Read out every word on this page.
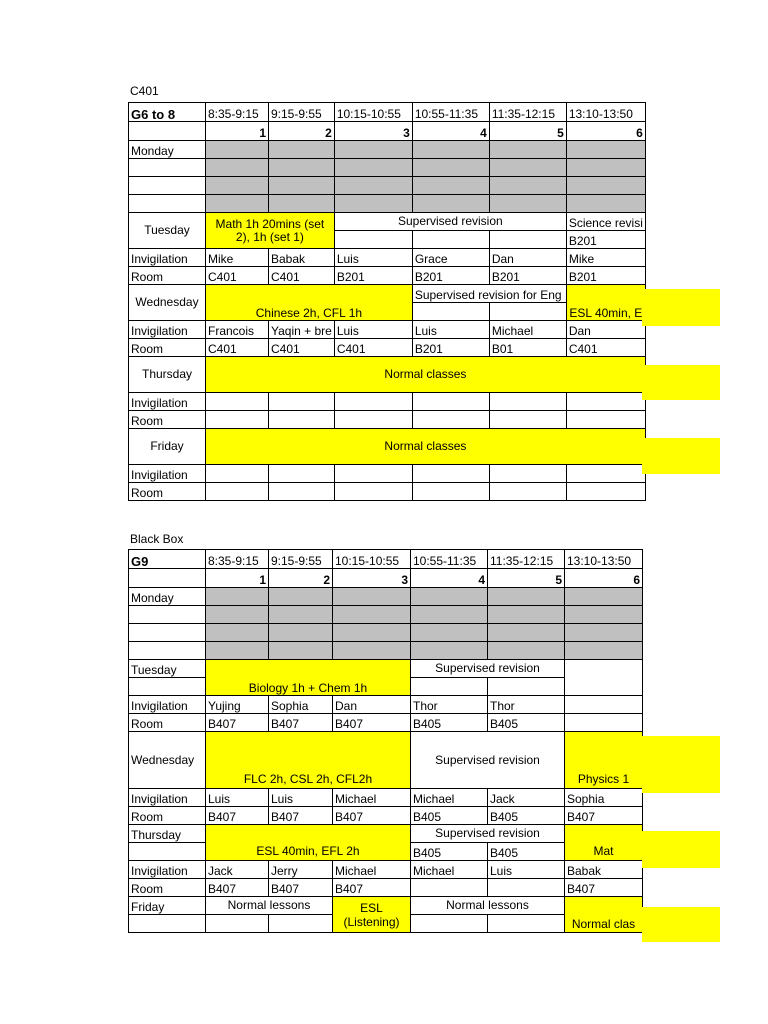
C401
G6 to 8	8:35-9:15	9:15-9:55	10:15-10:55	10:55-11:35	11:35-12:15	13:10-13:50
	1	2	3	4	5	6
Monday						

Tuesday	Math 1h 20mins (set 2), 1h (set 1)		Supervised revision			Science revisi
						B201
Invigilation	Mike	Babak	Luis	Grace	Dan	Mike
Room	C401	C401	B201	B201	B201	B201
Wednesday	Chinese 2h, CFL 1h			Supervised revision for Eng		ESL 40min, E

Invigilation	Francois	Yaqin + bre	Luis	Luis	Michael	Dan
Room	C401	C401	C401	B201	B01	C401
Thursday	Normal classes					
Invigilation						
Room						
Friday	Normal classes					
Invigilation						
Room						
Black Box
G9	8:35-9:15	9:15-9:55	10:15-10:55	10:55-11:35	11:35-12:15	13:10-13:50
	1	2	3	4	5	6
Monday						

Tuesday	Biology 1h + Chem 1h			Supervised revision		

Invigilation	Yujing	Sophia	Dan	Thor	Thor	
Room	B407	B407	B407	B405	B405	
Wednesday	FLC 2h, CSL 2h, CFL2h			Supervised revision		Physics 1

Invigilation	Luis	Luis	Michael	Michael	Jack	Sophia
Room	B407	B407	B407	B405	B405	B407
Thursday	ESL 40min, EFL 2h			Supervised revision		Mat
				B405	B405	
Invigilation	Jack	Jerry	Michael	Michael	Luis	Babak
Room	B407	B407	B407			B407
Friday	Normal lessons		ESL (Listening)	Normal lessons		Normal clas
